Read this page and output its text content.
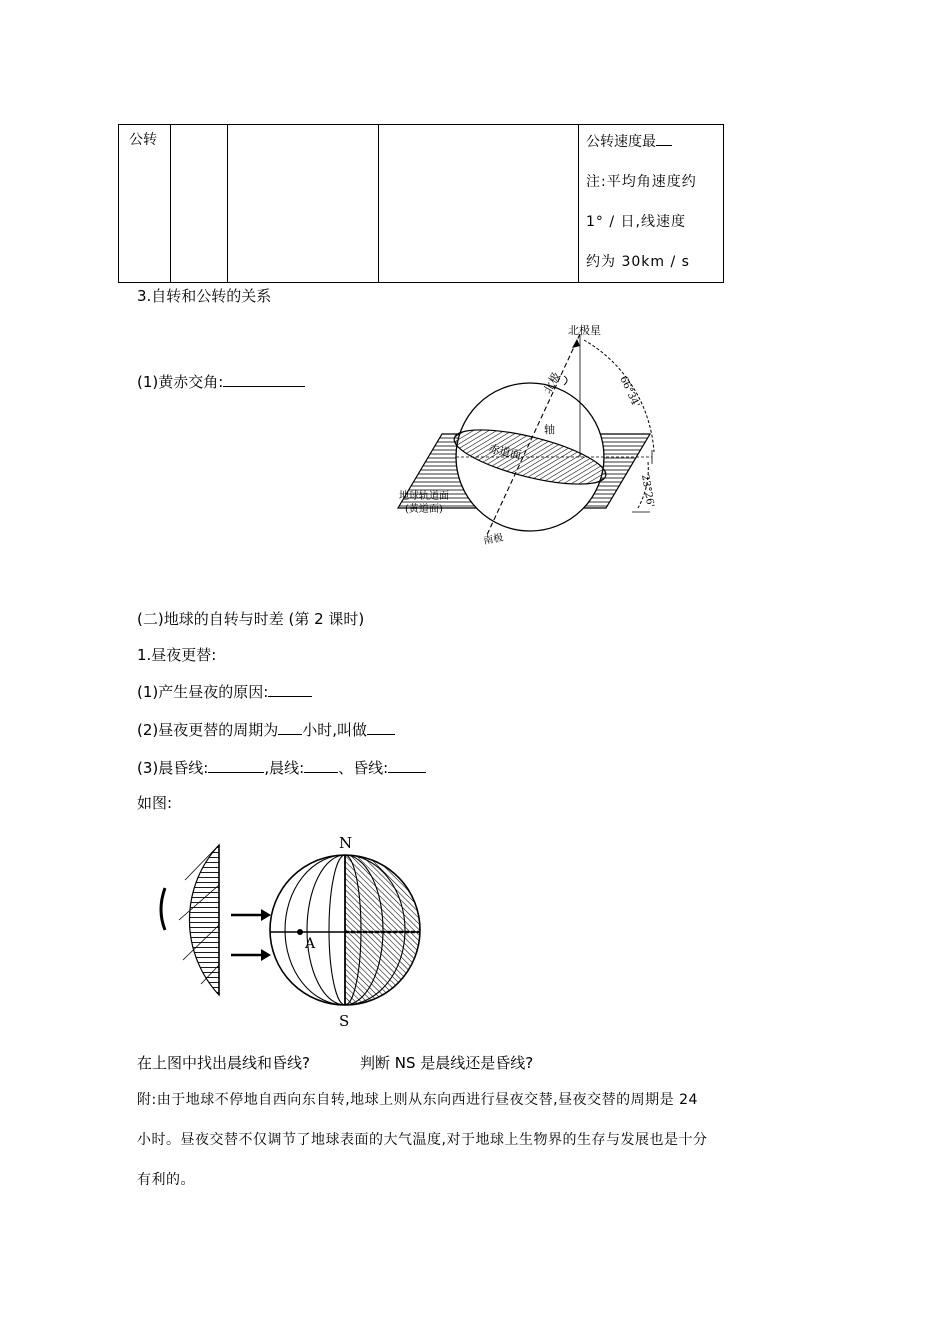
公转				公转速度最
注:平均角速度约
1° / 日,线速度
约为 30km / s
3.自转和公转的关系
(1)黄赤交角:
北极星
北极
轴
赤道面
地球轨道面
(黄道面)
南极
66°34'
23°26'
(二)地球的自转与时差 (第 2 课时)
1.昼夜更替:
(1)产生昼夜的原因:
(2)昼夜更替的周期为 小时,叫做
(3)晨昏线:	,晨线: 、昏线:
如图:
N
S
A
在上图中找出晨线和昏线?	判断 NS 是晨线还是昏线?
附:由于地球不停地自西向东自转,地球上则从东向西进行昼夜交替,昼夜交替的周期是 24
小时。昼夜交替不仅调节了地球表面的大气温度,对于地球上生物界的生存与发展也是十分
有利的。
